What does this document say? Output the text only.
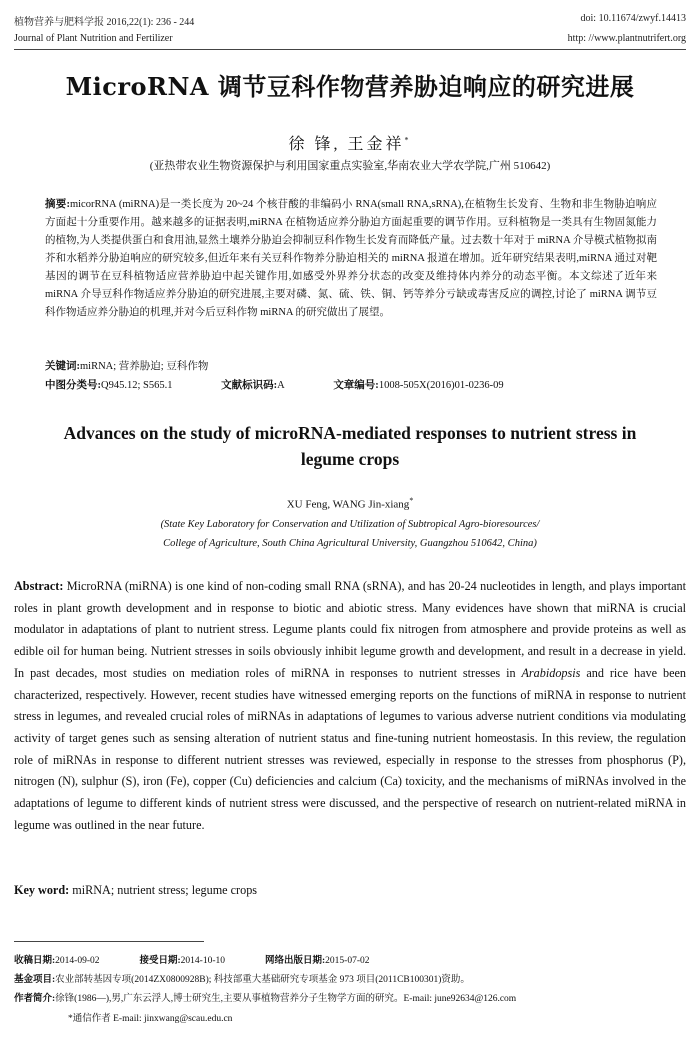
植物营养与肥料学报 2016,22(1): 236 - 244
Journal of Plant Nutrition and Fertilizer
doi: 10.11674/zwyf.14413
http: //www.plantnutrifert.org
MicroRNA 调节豆科作物营养胁迫响应的研究进展
徐 锋, 王金祥*
(亚热带农业生物资源保护与利用国家重点实验室,华南农业大学农学院,广州 510642)
摘要:micorRNA (miRNA)是一类长度为 20~24 个核苷酸的非编码小 RNA(small RNA,sRNA),在植物生长发育、生物和非生物胁迫响应方面起十分重要作用。越来越多的证据表明,miRNA 在植物适应养分胁迫方面起重要的调节作用。豆科植物是一类具有生物固氮能力的植物,为人类提供蛋白和食用油,显然土壤养分胁迫会抑制豆科作物生长发育而降低产量。过去数十年对于 miRNA 介导模式植物拟南芥和水稻养分胁迫响应的研究较多,但近年来有关豆科作物养分胁迫相关的 miRNA 报道在增加。近年研究结果表明,miRNA 通过对靶基因的调节在豆科植物适应营养胁迫中起关键作用,如感受外界养分状态的改变及维持体内养分的动态平衡。本文综述了近年来 miRNA 介导豆科作物适应养分胁迫的研究进展,主要对磷、氮、硫、铁、铜、钙等养分亏缺或毒害反应的调控,讨论了 miRNA 调节豆科作物适应养分胁迫的机理,并对今后豆科作物 miRNA 的研究做出了展望。
关键词:miRNA; 营养胁迫; 豆科作物
中图分类号:Q945.12; S565.1	文献标识码:A	文章编号:1008-505X(2016)01-0236-09
Advances on the study of microRNA-mediated responses to nutrient stress in legume crops
XU Feng, WANG Jin-xiang*
(State Key Laboratory for Conservation and Utilization of Subtropical Agro-bioresources/
College of Agriculture, South China Agricultural University, Guangzhou 510642, China)
Abstract: MicroRNA (miRNA) is one kind of non-coding small RNA (sRNA), and has 20-24 nucleotides in length, and plays important roles in plant growth development and in response to biotic and abiotic stress. Many evidences have shown that miRNA is crucial modulator in adaptations of plant to nutrient stress. Legume plants could fix nitrogen from atmosphere and provide proteins as well as edible oil for human being. Nutrient stresses in soils obviously inhibit legume growth and development, and result in a decrease in yield. In past decades, most studies on mediation roles of miRNA in responses to nutrient stresses in Arabidopsis and rice have been characterized, respectively. However, recent studies have witnessed emerging reports on the functions of miRNA in response to nutrient stress in legumes, and revealed crucial roles of miRNAs in adaptations of legumes to various adverse nutrient conditions via modulating activity of target genes such as sensing alteration of nutrient status and fine-tuning nutrient homeostasis. In this review, the regulation role of miRNAs in response to different nutrient stresses was reviewed, especially in response to the stresses from phosphorus (P), nitrogen (N), sulphur (S), iron (Fe), copper (Cu) deficiencies and calcium (Ca) toxicity, and the mechanisms of miRNAs involved in the adaptations of legume to different kinds of nutrient stress were discussed, and the perspective of research on nutrient-related miRNA in legume was outlined in the near future.
Key word: miRNA; nutrient stress; legume crops
收稿日期:2014-09-02	接受日期:2014-10-10	网络出版日期:2015-07-02
基金项目:农业部转基因专项(2014ZX0800928B); 科技部重大基础研究专项基金 973 项目(2011CB100301)资助。
作者简介:徐锋(1986—),男,广东云浮人,博士研究生,主要从事植物营养分子生物学方面的研究。E-mail: june92634@126.com
*通信作者 E-mail: jinxwang@scau.edu.cn
